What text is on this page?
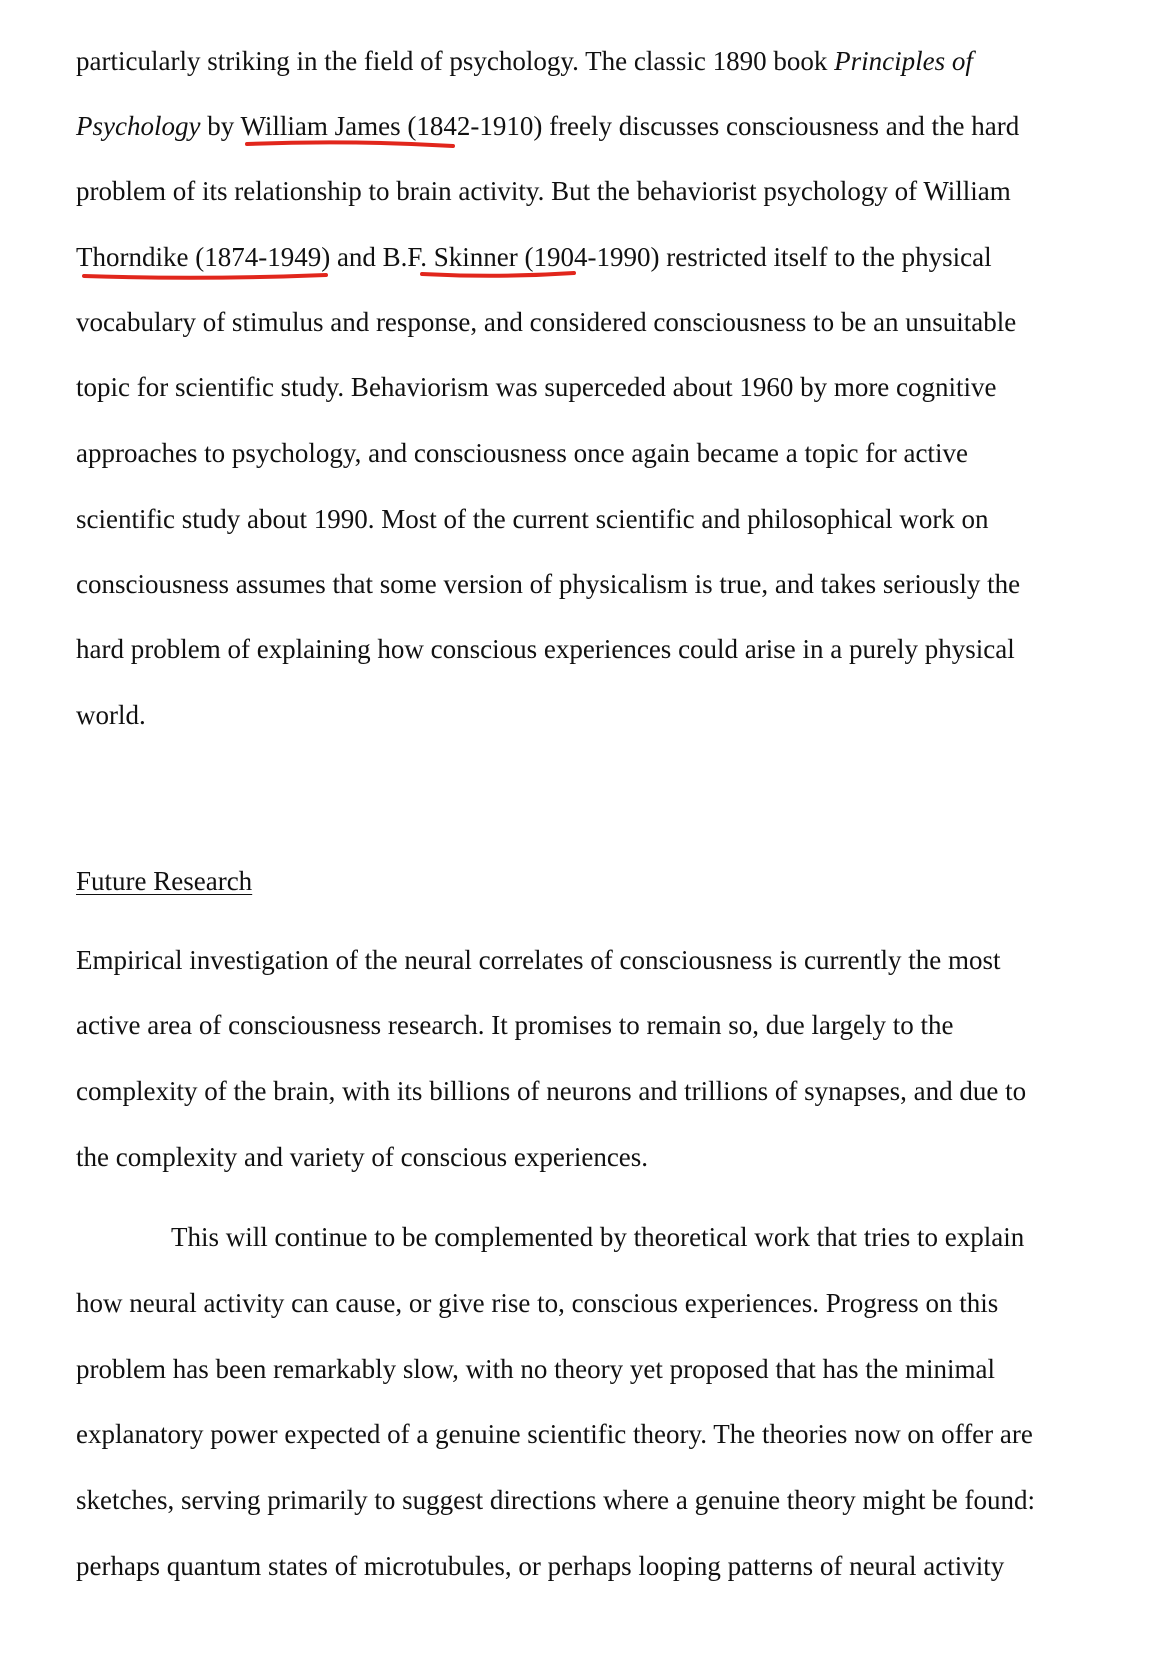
particularly striking in the field of psychology. The classic 1890 book Principles of

Psychology by William James (1842-1910) freely discusses consciousness and the hard

problem of its relationship to brain activity. But the behaviorist psychology of William

Thorndike (1874-1949) and B.F. Skinner (1904-1990) restricted itself to the physical

vocabulary of stimulus and response, and considered consciousness to be an unsuitable

topic for scientific study. Behaviorism was superceded about 1960 by more cognitive

approaches to psychology, and consciousness once again became a topic for active

scientific study about 1990. Most of the current scientific and philosophical work on

consciousness assumes that some version of physicalism is true, and takes seriously the

hard problem of explaining how conscious experiences could arise in a purely physical

world.

Future Research

Empirical investigation of the neural correlates of consciousness is currently the most

active area of consciousness research. It promises to remain so, due largely to the

complexity of the brain, with its billions of neurons and trillions of synapses, and due to

the complexity and variety of conscious experiences.

This will continue to be complemented by theoretical work that tries to explain

how neural activity can cause, or give rise to, conscious experiences. Progress on this

problem has been remarkably slow, with no theory yet proposed that has the minimal

explanatory power expected of a genuine scientific theory. The theories now on offer are

sketches, serving primarily to suggest directions where a genuine theory might be found:

perhaps quantum states of microtubules, or perhaps looping patterns of neural activity
